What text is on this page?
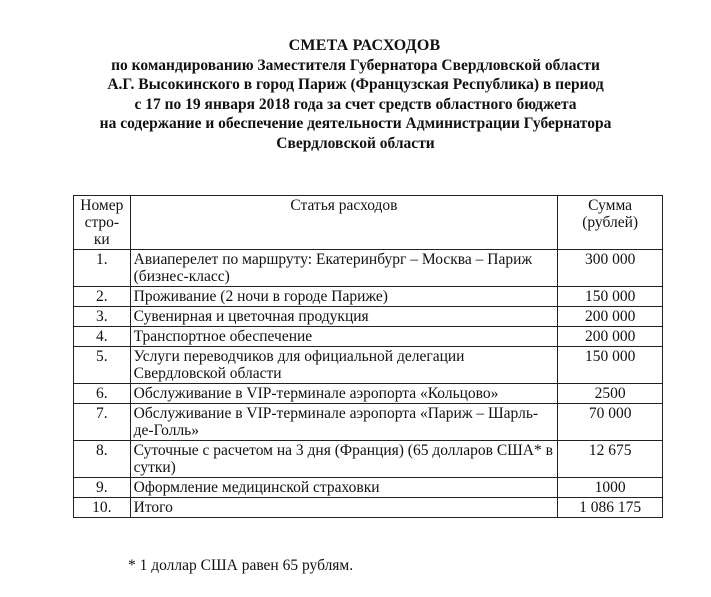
СМЕТА РАСХОДОВ
по командированию Заместителя Губернатора Свердловской области
А.Г. Высокинского в город Париж (Французская Республика) в период
с 17 по 19 января 2018 года за счет средств областного бюджета
на содержание и обеспечение деятельности Администрации Губернатора
Свердловской области
Номер стро-ки	Статья расходов	Сумма (рублей)
1.	Авиаперелет по маршруту: Екатеринбург – Москва – Париж (бизнес-класс)	300 000
2.	Проживание (2 ночи в городе Париже)	150 000
3.	Сувенирная и цветочная продукция	200 000
4.	Транспортное обеспечение	200 000
5.	Услуги переводчиков для официальной делегации Свердловской области	150 000
6.	Обслуживание в VIP-терминале аэропорта «Кольцово»	2500
7.	Обслуживание в VIP-терминале аэропорта «Париж – Шарль-де-Голль»	70 000
8.	Суточные с расчетом на 3 дня (Франция) (65 долларов США* в сутки)	12 675
9.	Оформление медицинской страховки	1000
10.	Итого	1 086 175
* 1 доллар США равен 65 рублям.
